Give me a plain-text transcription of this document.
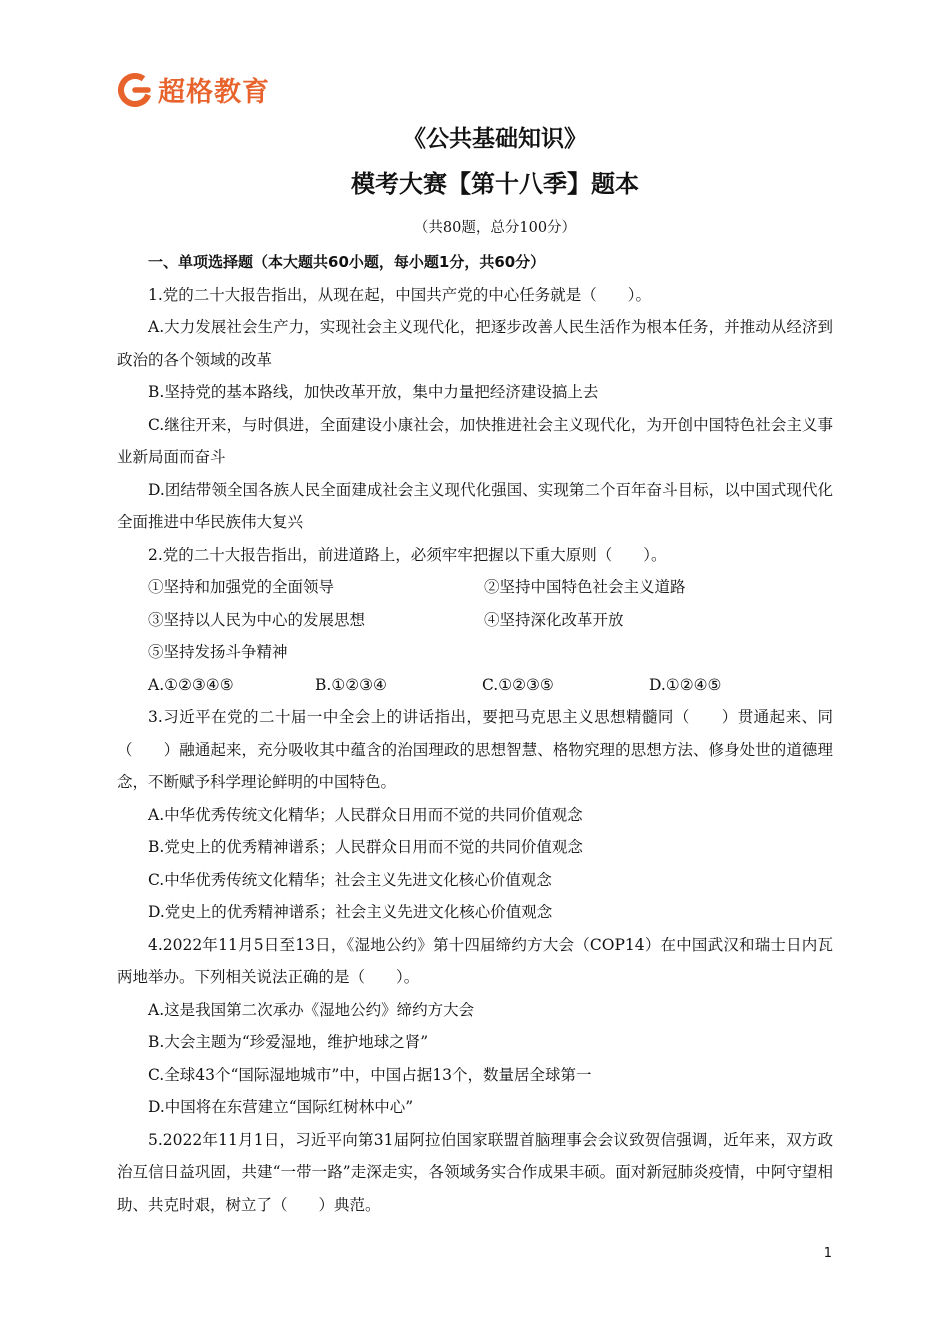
超格教育
《公共基础知识》
模考大赛【第十八季】题本
（共80题，总分100分）

一、单项选择题（本大题共60小题，每小题1分，共60分）

1.党的二十大报告指出，从现在起，中国共产党的中心任务就是（　　）。

A.大力发展社会生产力，实现社会主义现代化，把逐步改善人民生活作为根本任务，并推动从经济到政治的各个领域的改革

B.坚持党的基本路线，加快改革开放，集中力量把经济建设搞上去

C.继往开来，与时俱进，全面建设小康社会，加快推进社会主义现代化，为开创中国特色社会主义事业新局面而奋斗

D.团结带领全国各族人民全面建成社会主义现代化强国、实现第二个百年奋斗目标，以中国式现代化全面推进中华民族伟大复兴

2.党的二十大报告指出，前进道路上，必须牢牢把握以下重大原则（　　）。

①坚持和加强党的全面领导	②坚持中国特色社会主义道路
③坚持以人民为中心的发展思想	④坚持深化改革开放

⑤坚持发扬斗争精神

A.①②③④⑤	B.①②③④	C.①②③⑤	D.①②④⑤

3.习近平在党的二十届一中全会上的讲话指出，要把马克思主义思想精髓同（　　）贯通起来、同（　　）融通起来，充分吸收其中蕴含的治国理政的思想智慧、格物究理的思想方法、修身处世的道德理念，不断赋予科学理论鲜明的中国特色。

A.中华优秀传统文化精华；人民群众日用而不觉的共同价值观念

B.党史上的优秀精神谱系；人民群众日用而不觉的共同价值观念

C.中华优秀传统文化精华；社会主义先进文化核心价值观念

D.党史上的优秀精神谱系；社会主义先进文化核心价值观念

4.2022年11月5日至13日，《湿地公约》第十四届缔约方大会（COP14）在中国武汉和瑞士日内瓦两地举办。下列相关说法正确的是（　　）。

A.这是我国第二次承办《湿地公约》缔约方大会

B.大会主题为“珍爱湿地，维护地球之肾”

C.全球43个“国际湿地城市”中，中国占据13个，数量居全球第一

D.中国将在东营建立“国际红树林中心”

5.2022年11月1日，习近平向第31届阿拉伯国家联盟首脑理事会会议致贺信强调，近年来，双方政治互信日益巩固，共建“一带一路”走深走实，各领域务实合作成果丰硕。面对新冠肺炎疫情，中阿守望相助、共克时艰，树立了（　　）典范。

1
